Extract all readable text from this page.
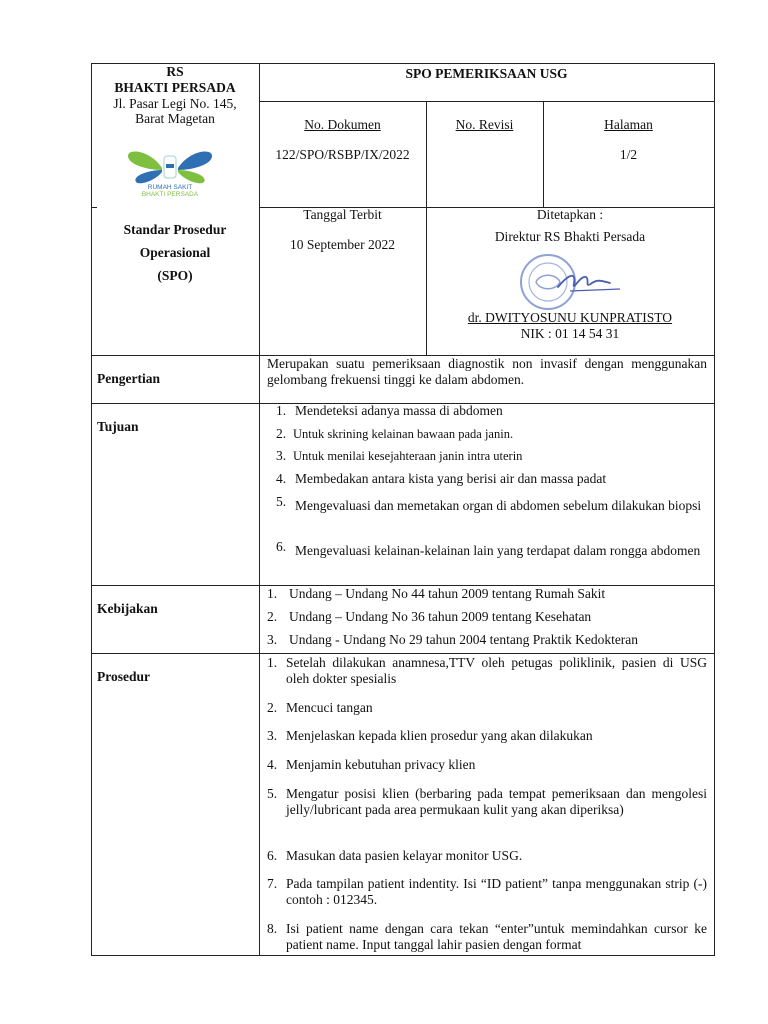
RS
BHAKTI PERSADA
Jl. Pasar Legi No. 145,
Barat Magetan
RUMAH SAKIT
BHAKTI PERSADA
Standar Prosedur
Operasional
(SPO)
SPO PEMERIKSAAN USG
No. Dokumen
122/SPO/RSBP/IX/2022
No. Revisi	Halaman
1/2
Tanggal Terbit
10 September 2022
Ditetapkan :
Direktur RS Bhakti Persada
dr. DWITYOSUNU KUNPRATISTO
NIK : 01 14 54 31
Pengertian
Merupakan suatu pemeriksaan diagnostik non invasif dengan menggunakan gelombang frekuensi tinggi ke dalam abdomen.
Tujuan
1. Mendeteksi adanya massa di abdomen
2. Untuk skrining kelainan bawaan pada janin.
3. Untuk menilai kesejahteraan janin intra uterin
4. Membedakan antara kista yang berisi air dan massa padat
5. Mengevaluasi dan memetakan organ di abdomen sebelum dilakukan biopsi
6. Mengevaluasi kelainan-kelainan lain yang terdapat dalam rongga abdomen
Kebijakan
1. Undang – Undang No 44 tahun 2009 tentang Rumah Sakit
2. Undang – Undang No 36 tahun 2009 tentang Kesehatan
3. Undang - Undang No 29 tahun 2004 tentang Praktik Kedokteran
Prosedur
1. Setelah dilakukan anamnesa,TTV oleh petugas poliklinik, pasien di USG oleh dokter spesialis
2. Mencuci tangan
3. Menjelaskan kepada klien prosedur yang akan dilakukan
4. Menjamin kebutuhan privacy klien
5. Mengatur posisi klien (berbaring pada tempat pemeriksaan dan mengolesi jelly/lubricant pada area permukaan kulit yang akan diperiksa)
6. Masukan data pasien kelayar monitor USG.
7. Pada tampilan patient indentity. Isi “ID patient” tanpa menggunakan strip (-) contoh : 012345.
8. Isi patient name dengan cara tekan “enter”untuk memindahkan cursor ke patient name. Input tanggal lahir pasien dengan format
